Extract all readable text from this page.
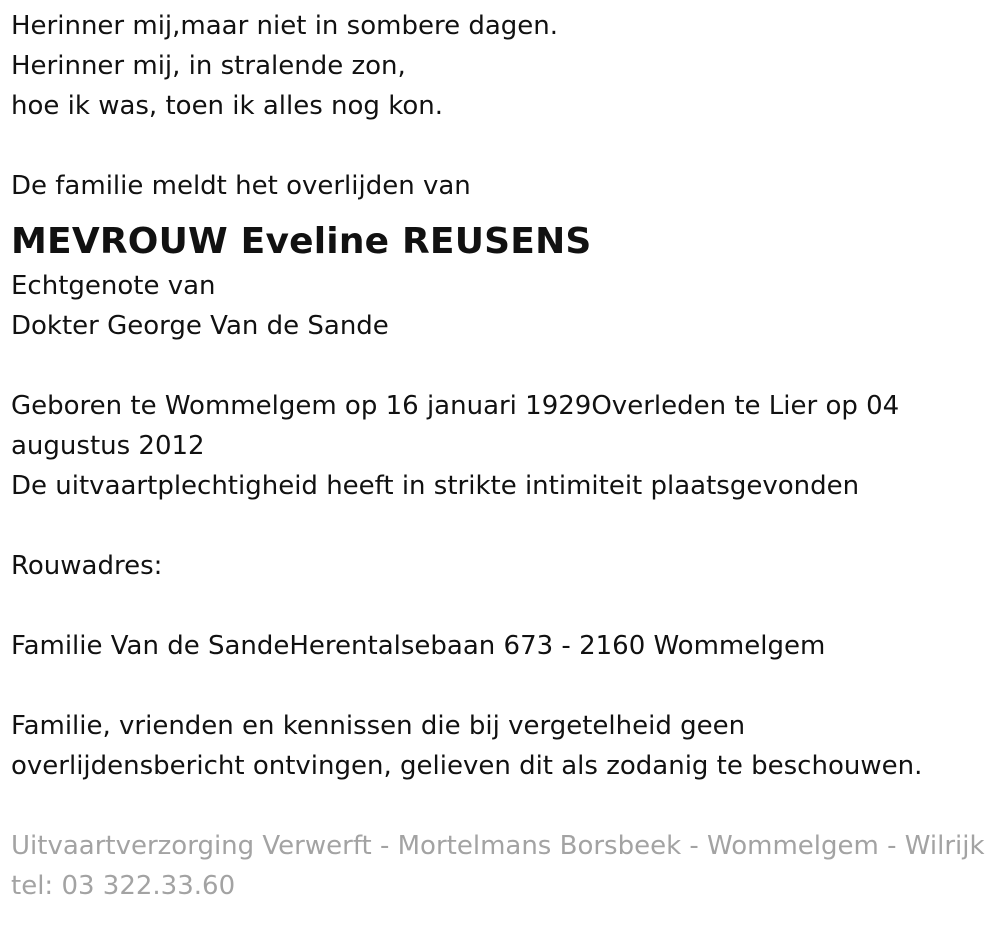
Herinner mij,maar niet in sombere dagen.
Herinner mij, in stralende zon,
hoe ik was, toen ik alles nog kon.
De familie meldt het overlijden van
MEVROUW Eveline REUSENS
Echtgenote van
Dokter George Van de Sande
Geboren te Wommelgem op 16 januari 1929Overleden te Lier op 04 augustus 2012
De uitvaartplechtigheid heeft in strikte intimiteit plaatsgevonden
Rouwadres:
Familie Van de SandeHerentalsebaan 673 - 2160 Wommelgem
Familie, vrienden en kennissen die bij vergetelheid geen overlijdensbericht ontvingen, gelieven dit als zodanig te beschouwen.
Uitvaartverzorging Verwerft - Mortelmans Borsbeek - Wommelgem - Wilrijk tel: 03 322.33.60
